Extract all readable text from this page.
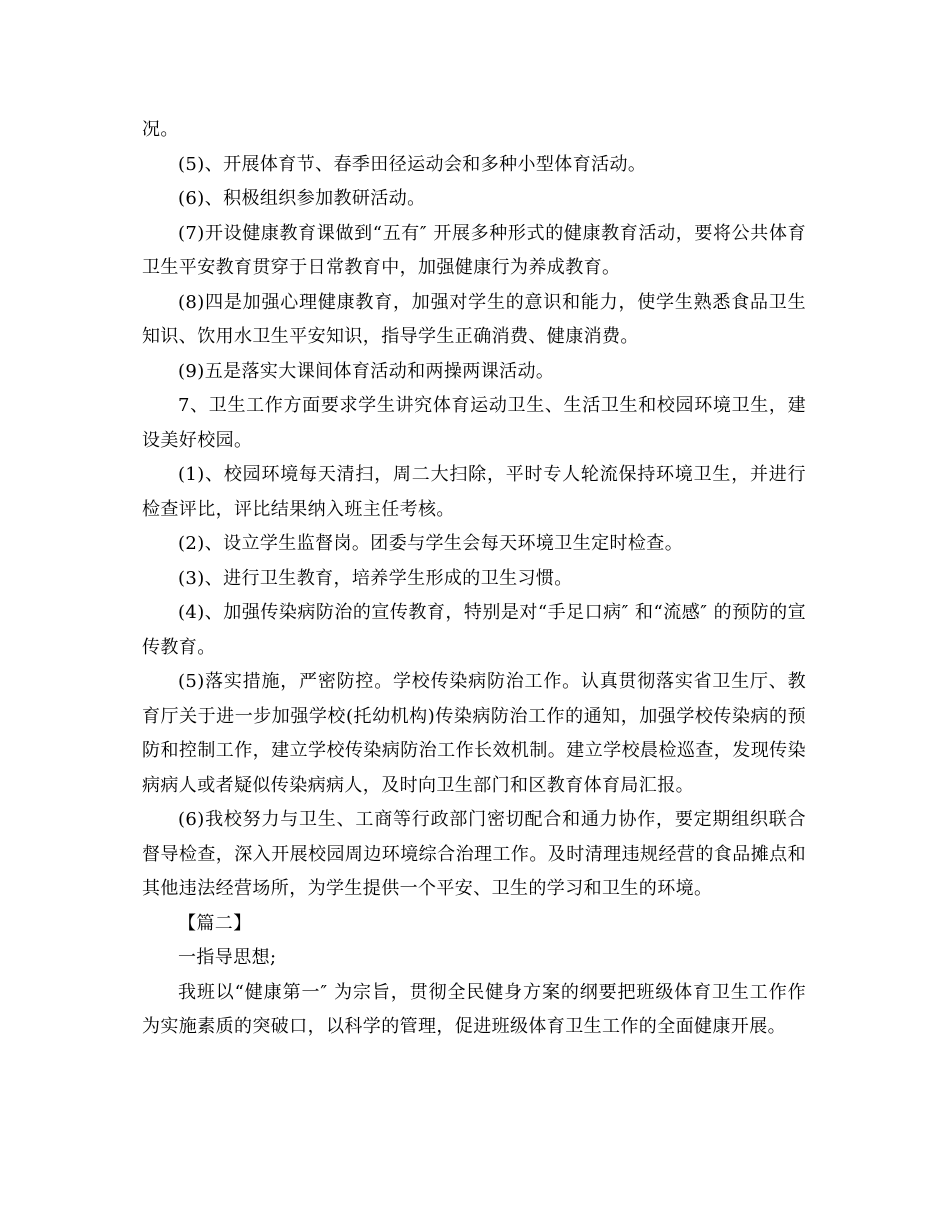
况。

(5)、开展体育节、春季田径运动会和多种小型体育活动。

(6)、积极组织参加教研活动。

(7)开设健康教育课做到“五有″ 开展多种形式的健康教育活动，要将公共体育卫生平安教育贯穿于日常教育中，加强健康行为养成教育。

(8)四是加强心理健康教育，加强对学生的意识和能力，使学生熟悉食品卫生知识、饮用水卫生平安知识，指导学生正确消费、健康消费。

(9)五是落实大课间体育活动和两操两课活动。

7、卫生工作方面要求学生讲究体育运动卫生、生活卫生和校园环境卫生，建设美好校园。

(1)、校园环境每天清扫，周二大扫除，平时专人轮流保持环境卫生，并进行检查评比，评比结果纳入班主任考核。

(2)、设立学生监督岗。团委与学生会每天环境卫生定时检查。

(3)、进行卫生教育，培养学生形成的卫生习惯。

(4)、加强传染病防治的宣传教育，特别是对“手足口病″ 和“流感″ 的预防的宣传教育。

(5)落实措施，严密防控。学校传染病防治工作。认真贯彻落实省卫生厅、教育厅关于进一步加强学校(托幼机构)传染病防治工作的通知，加强学校传染病的预防和控制工作，建立学校传染病防治工作长效机制。建立学校晨检巡查，发现传染病病人或者疑似传染病病人，及时向卫生部门和区教育体育局汇报。

(6)我校努力与卫生、工商等行政部门密切配合和通力协作，要定期组织联合督导检查，深入开展校园周边环境综合治理工作。及时清理违规经营的食品摊点和其他违法经营场所，为学生提供一个平安、卫生的学习和卫生的环境。

【篇二】

一指导思想;

我班以“健康第一″ 为宗旨，贯彻全民健身方案的纲要把班级体育卫生工作作为实施素质的突破口，以科学的管理，促进班级体育卫生工作的全面健康开展。
